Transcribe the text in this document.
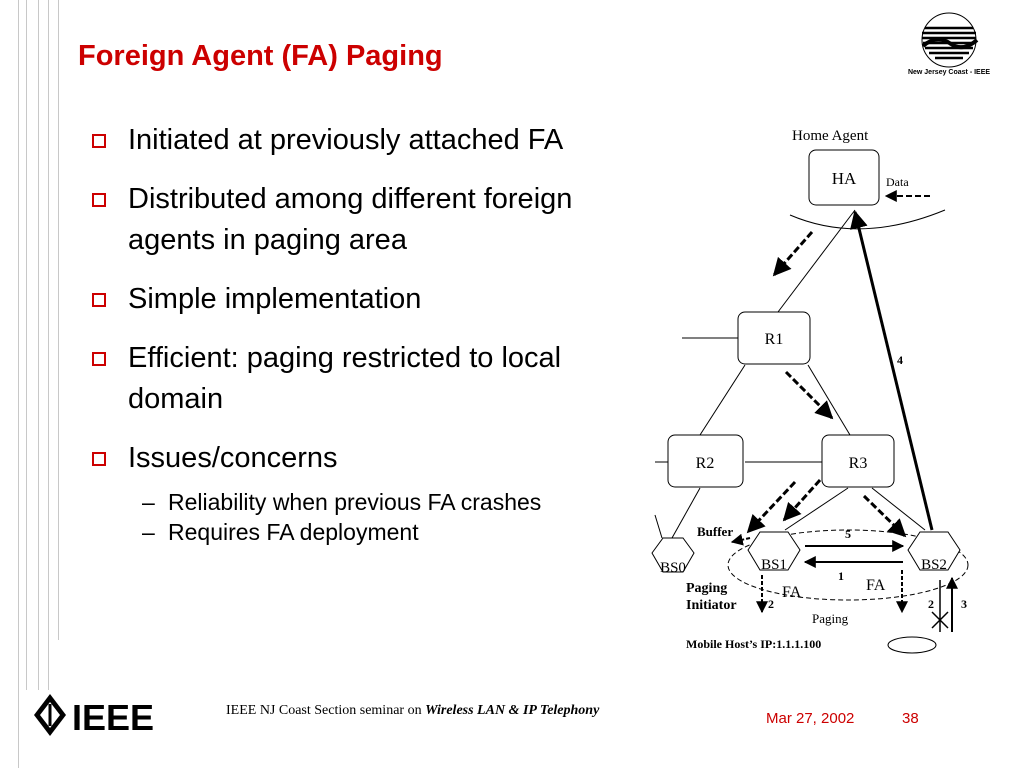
Foreign Agent (FA) Paging
New Jersey Coast - IEEE
Initiated at previously attached FA
Distributed among different foreign agents in paging area
Simple implementation
Efficient: paging restricted to local domain
Issues/concerns
– Reliability when previous FA crashes
– Requires FA deployment
Home Agent
HA Data
R1
R2	R3
BS0	BS1	BS2
5
1
4
Buffer
FA	FA
Paging
Initiator
Paging
Mobile Host’s IP:1.1.1.100
2	2 3
IEEE	IEEE NJ Coast Section seminar on Wireless LAN & IP Telephony	Mar 27, 2002	38
